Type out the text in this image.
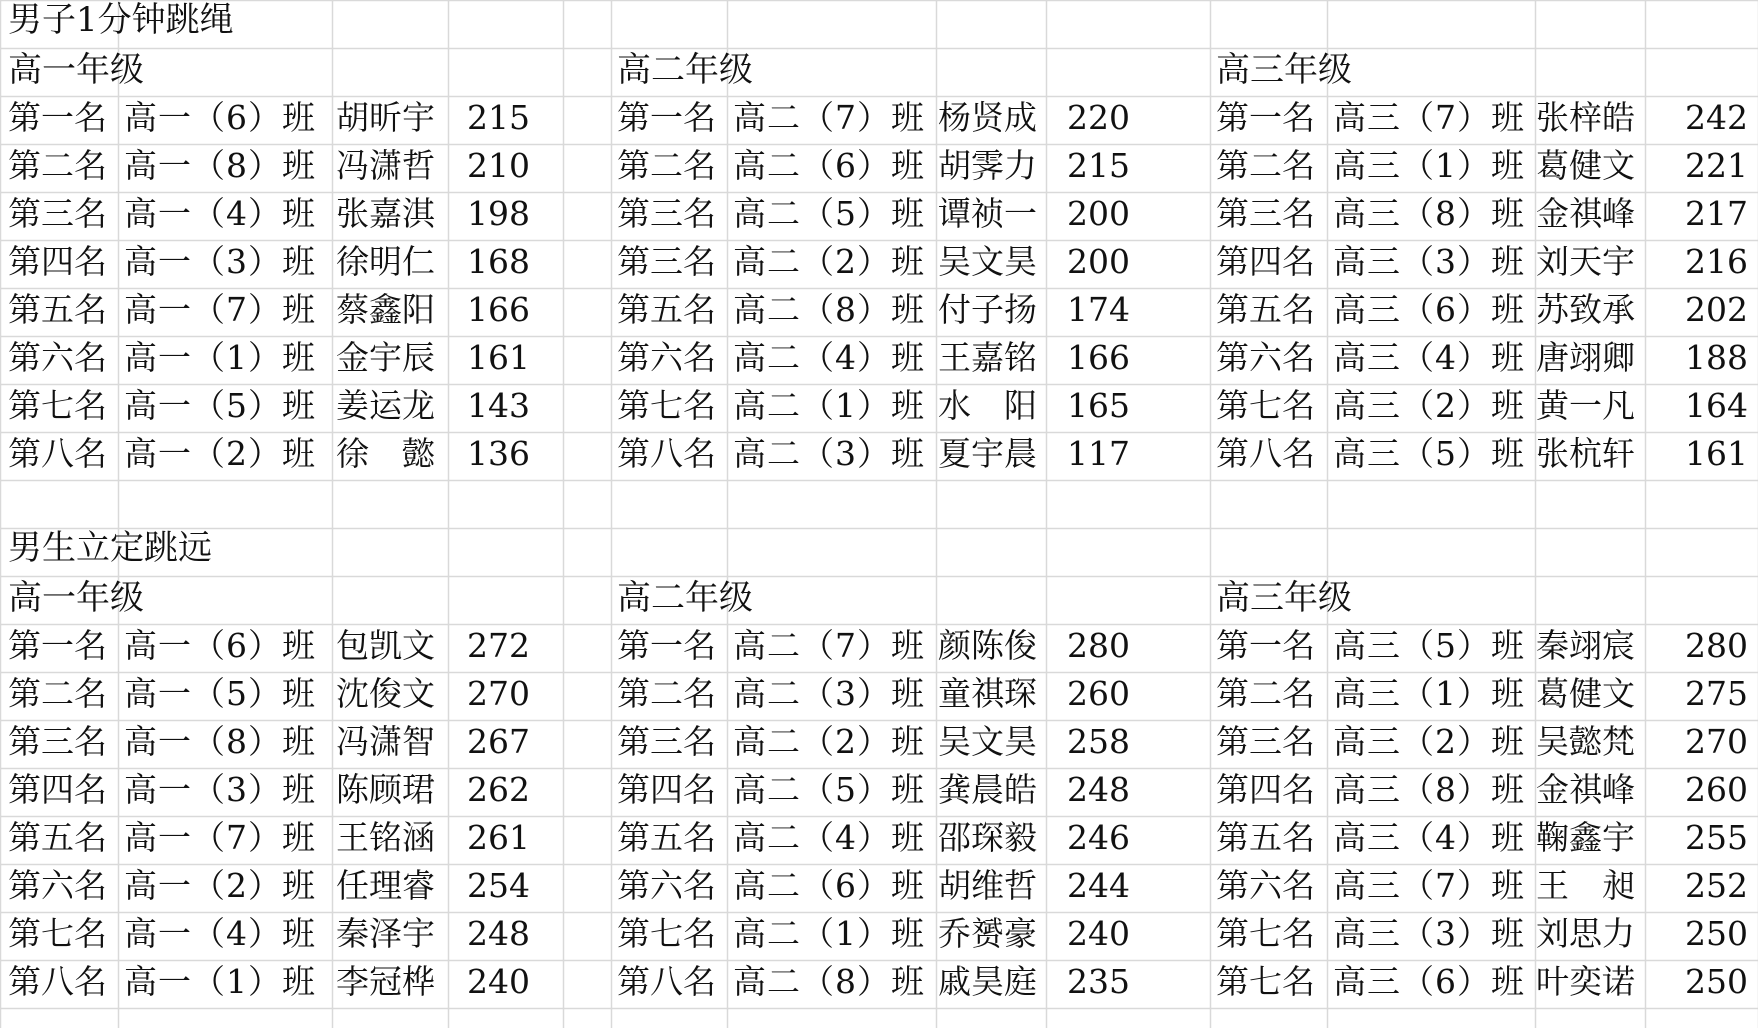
男子1分钟跳绳
高一年级
第一名 高一（6）班 胡昕宇 215
第二名 高一（8）班 冯潇哲 210
第三名 高一（4）班 张嘉淇 198
第四名 高一（3）班 徐明仁 168
第五名 高一（7）班 蔡鑫阳 166
第六名 高一（1）班 金宇辰 161
第七名 高一（5）班 姜运龙 143
第八名 高一（2）班 徐　懿 136
高二年级
第一名 高二（7）班 杨贤成 220
第二名 高二（6）班 胡霁力 215
第三名 高二（5）班 谭祯一 200
第三名 高二（2）班 吴文昊 200
第五名 高二（8）班 付子扬 174
第六名 高二（4）班 王嘉铭 166
第七名 高二（1）班 水　阳 165
第八名 高二（3）班 夏宇晨 117
高三年级
第一名 高三（7）班 张梓皓	242
第二名 高三（1）班 葛健文	221
第三名 高三（8）班 金祺峰	217
第四名 高三（3）班 刘天宇	216
第五名 高三（6）班 苏致承	202
第六名 高三（4）班 唐翊卿	188
第七名 高三（2）班 黄一凡	164
第八名 高三（5）班 张杭轩	161
男生立定跳远
高一年级
第一名 高一（6）班 包凯文 272
第二名 高一（5）班 沈俊文 270
第三名 高一（8）班 冯潇智 267
第四名 高一（3）班 陈顾珺 262
第五名 高一（7）班 王铭涵 261
第六名 高一（2）班 任理睿 254
第七名 高一（4）班 秦泽宇 248
第八名 高一（1）班 李冠桦 240
高二年级
第一名 高二（7）班 颜陈俊 280
第二名 高二（3）班 童祺琛 260
第三名 高二（2）班 吴文昊 258
第四名 高二（5）班 龚晨皓 248
第五名 高二（4）班 邵琛毅 246
第六名 高二（6）班 胡维哲 244
第七名 高二（1）班 乔赟豪 240
第八名 高二（8）班 戚昊庭 235
高三年级
第一名 高三（5）班 秦翊宸	280
第二名 高三（1）班 葛健文	275
第三名 高三（2）班 吴懿梵	270
第四名 高三（8）班 金祺峰	260
第五名 高三（4）班 鞠鑫宇	255
第六名 高三（7）班 王　昶	252
第七名 高三（3）班 刘思力	250
第七名 高三（6）班 叶奕诺	250
